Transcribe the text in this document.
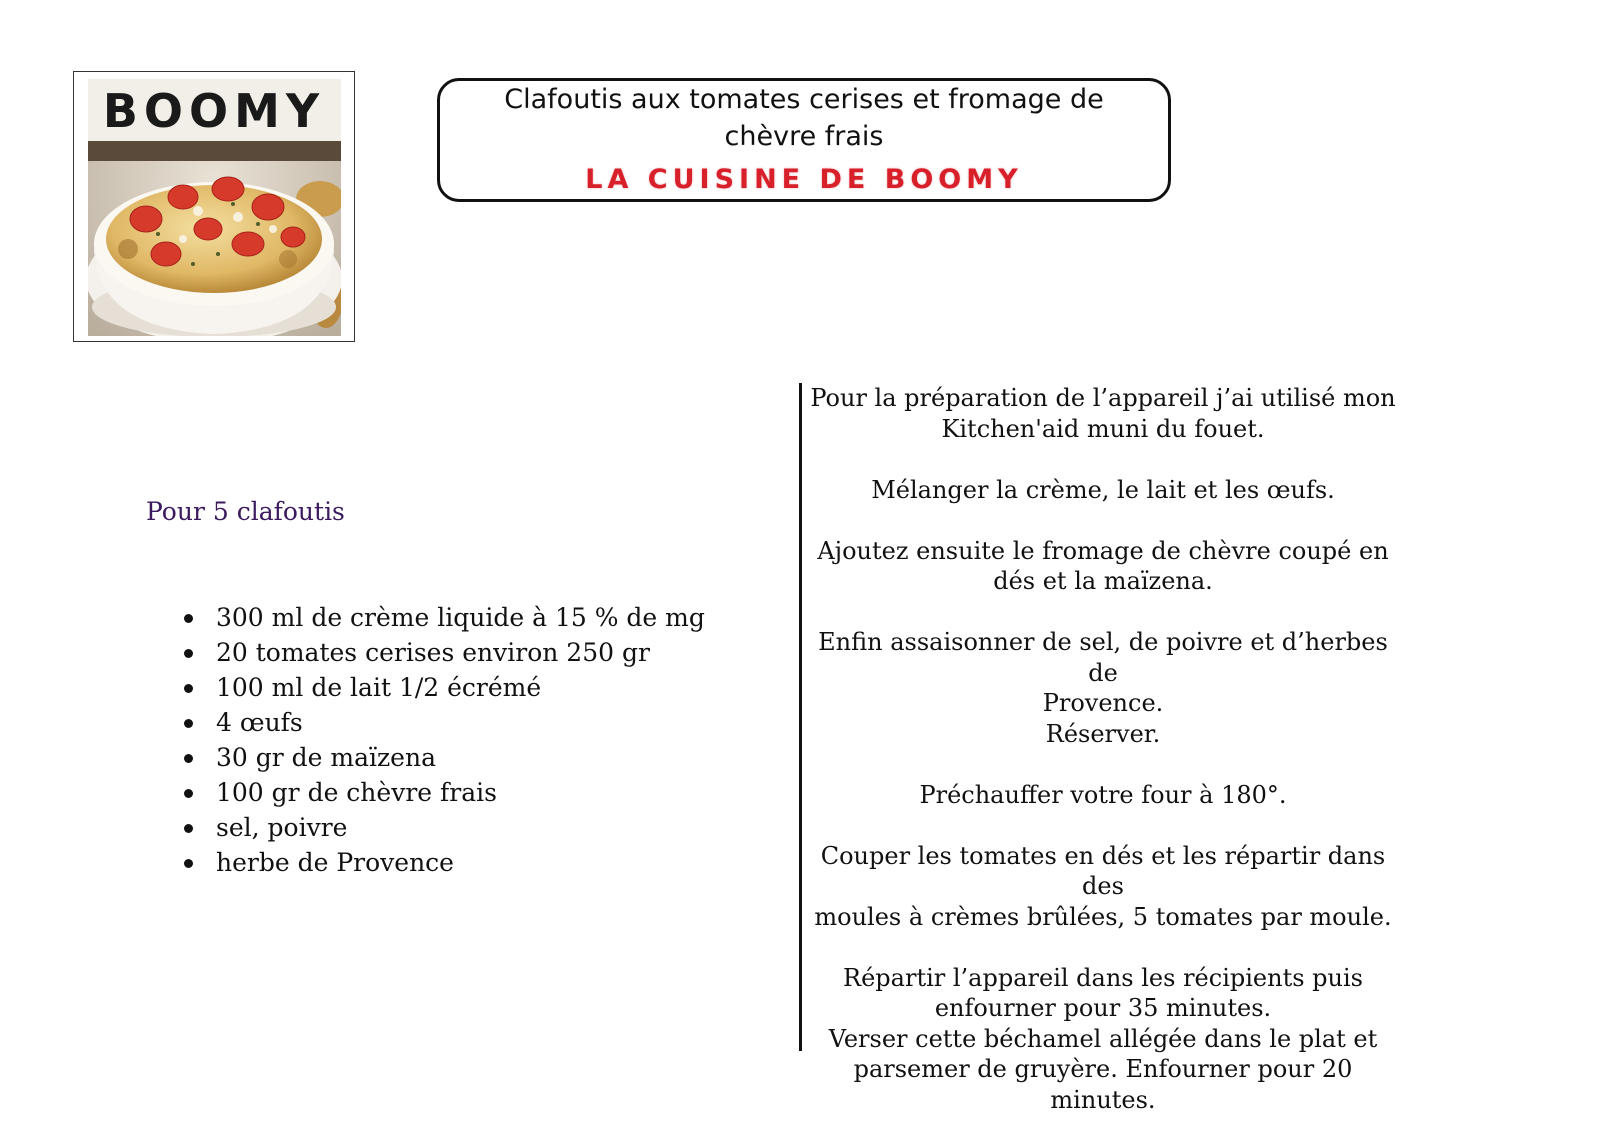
BOOMY	Clafoutis aux tomates cerises et fromage de chèvre frais
LA CUISINE DE BOOMY
Pour 5 clafoutis
300 ml de crème liquide à 15 % de mg
20 tomates cerises environ 250 gr
100 ml de lait 1/2 écrémé
4 œufs
30 gr de maïzena
100 gr de chèvre frais
sel, poivre
herbe de Provence
Pour la préparation de l’appareil j’ai utilisé mon
Kitchen'aid muni du fouet.
Mélanger la crème, le lait et les œufs.
Ajoutez ensuite le fromage de chèvre coupé en
dés et la maïzena.
Enfin assaisonner de sel, de poivre et d’herbes de
Provence.
Réserver.
Préchauffer votre four à 180°.
Couper les tomates en dés et les répartir dans des
moules à crèmes brûlées, 5 tomates par moule.
Répartir l’appareil dans les récipients puis
enfourner pour 35 minutes.
Verser cette béchamel allégée dans le plat et
parsemer de gruyère. Enfourner pour 20
minutes.
